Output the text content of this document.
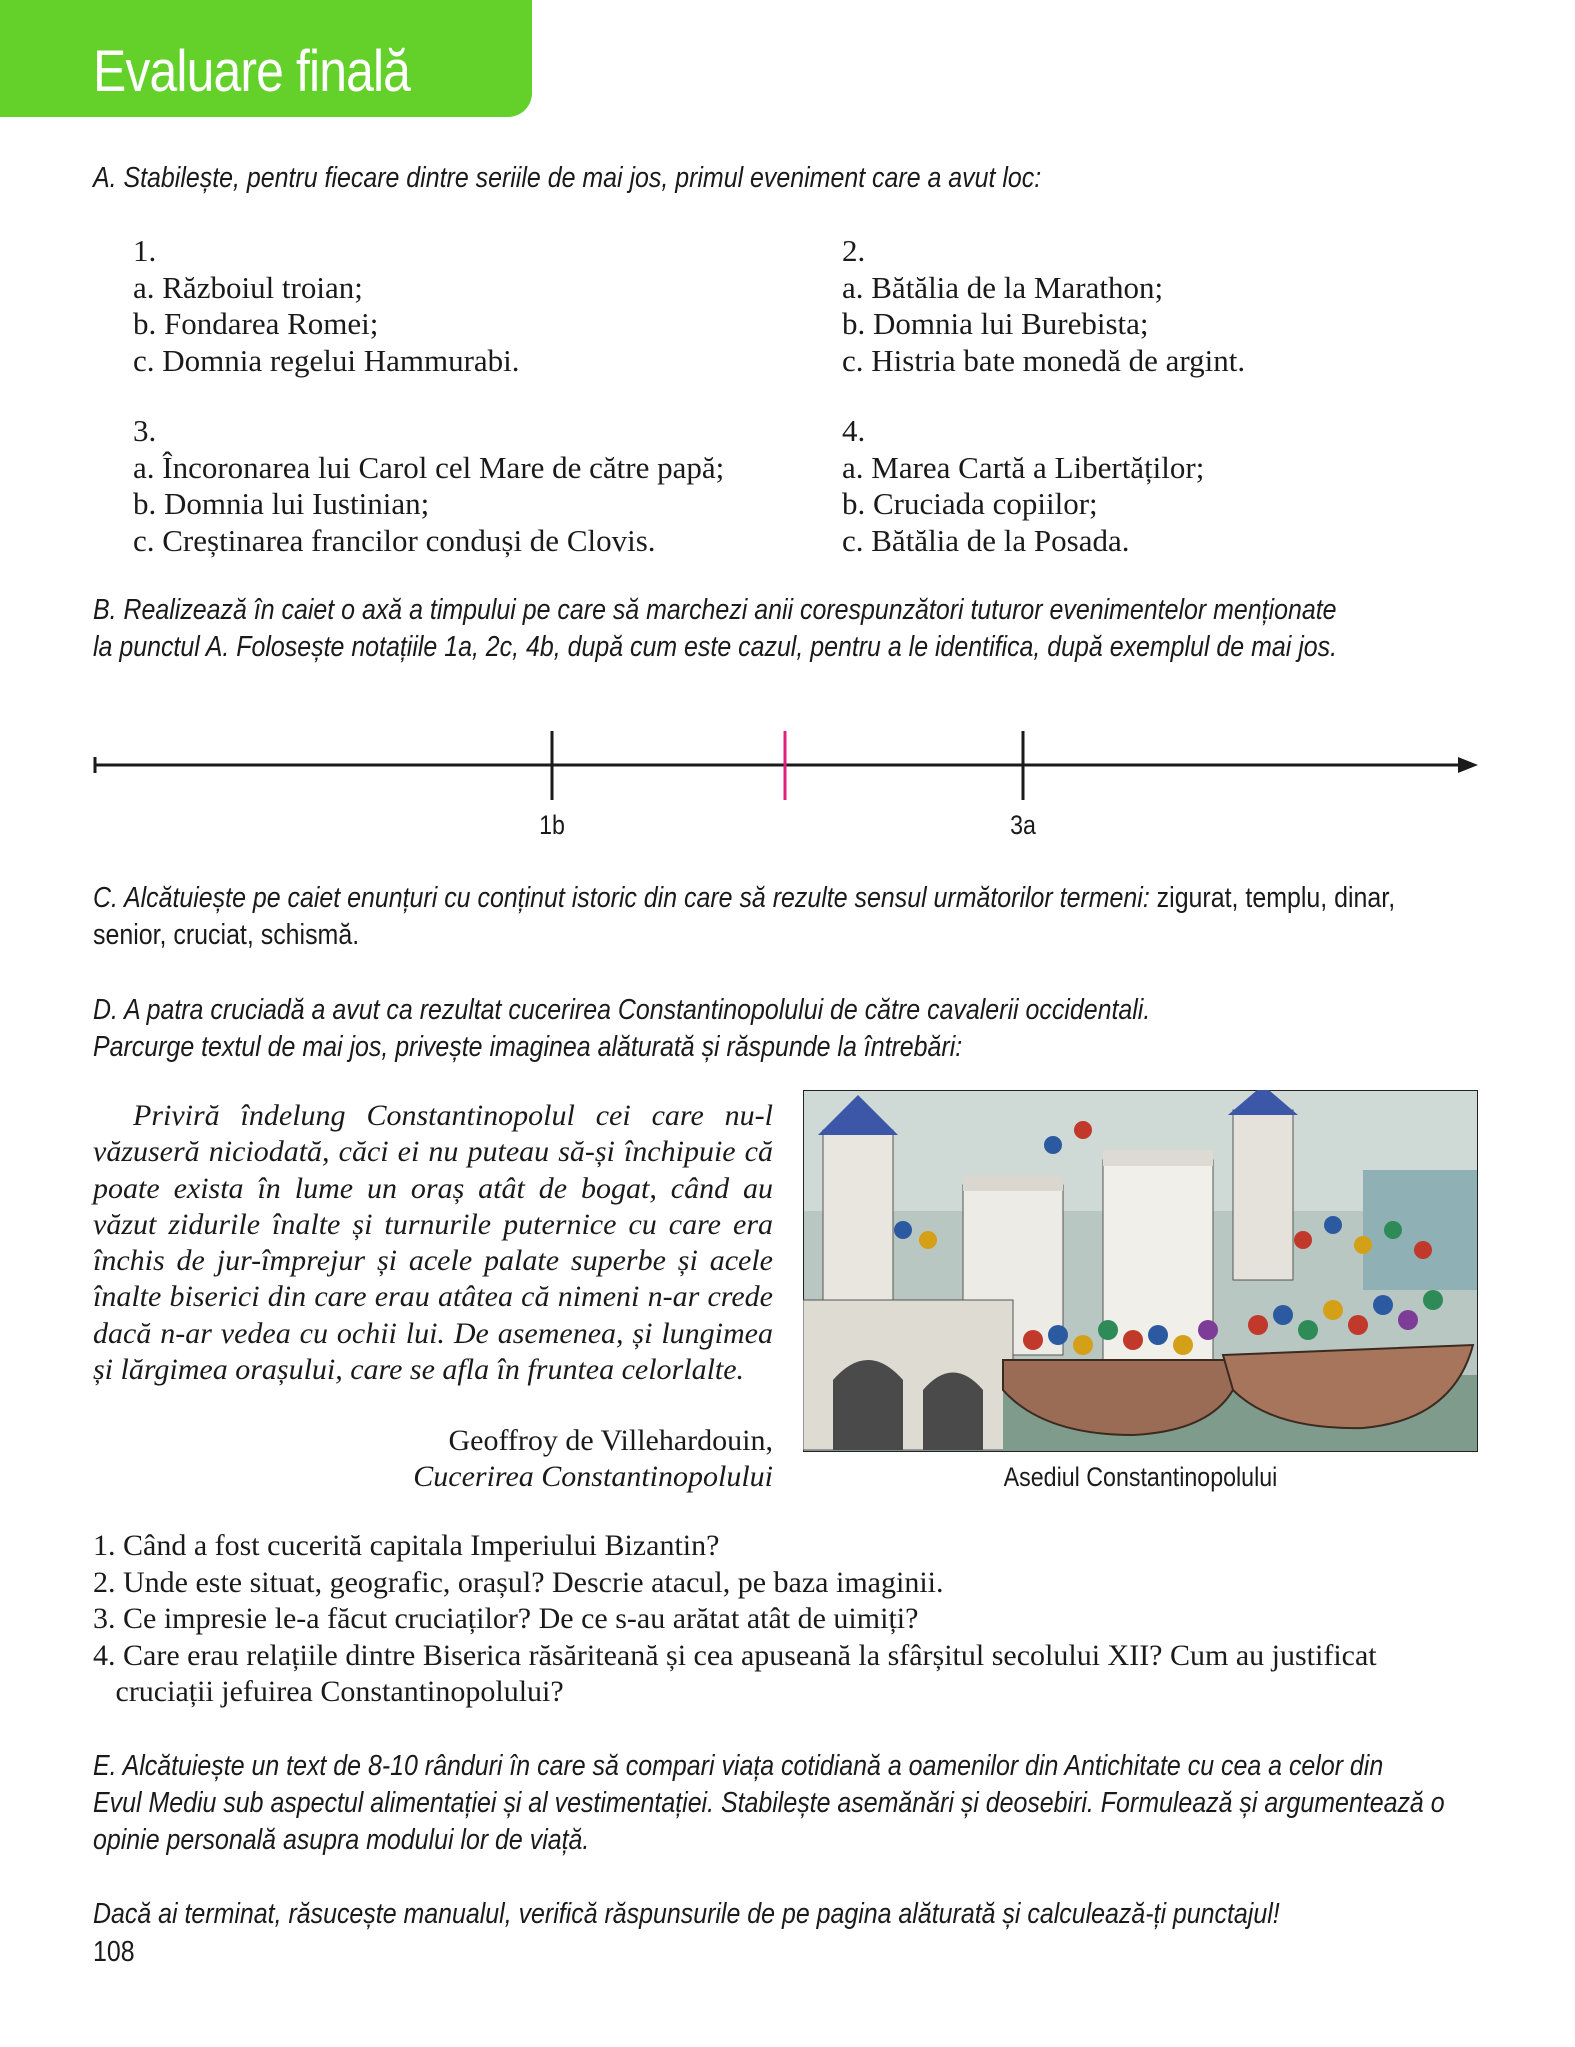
Evaluare finală
A. Stabilește, pentru fiecare dintre seriile de mai jos, primul eveniment care a avut loc:
1.
a. Războiul troian;
b. Fondarea Romei;
c. Domnia regelui Hammurabi.
2.
a. Bătălia de la Marathon;
b. Domnia lui Burebista;
c. Histria bate monedă de argint.
3.
a. Încoronarea lui Carol cel Mare de către papă;
b. Domnia lui Iustinian;
c. Creștinarea francilor conduși de Clovis.
4.
a. Marea Cartă a Libertăților;
b. Cruciada copiilor;
c. Bătălia de la Posada.
B. Realizează în caiet o axă a timpului pe care să marchezi anii corespunzători tuturor evenimentelor menționate
la punctul A. Folosește notațiile 1a, 2c, 4b, după cum este cazul, pentru a le identifica, după exemplul de mai jos.
1b	3a
C. Alcătuiește pe caiet enunțuri cu conținut istoric din care să rezulte sensul următorilor termeni: zigurat, templu, dinar,
senior, cruciat, schismă.
D. A patra cruciadă a avut ca rezultat cucerirea Constantinopolului de către cavalerii occidentali.
Parcurge textul de mai jos, privește imaginea alăturată și răspunde la întrebări:
Priviră îndelung Constantinopolul cei care nu-l văzuseră niciodată, căci ei nu puteau să-și închipuie că poate exista în lume un oraș atât de bogat, când au văzut zidurile înalte și turnurile puternice cu care era închis de jur-împrejur și acele palate superbe și acele înalte biserici din care erau atâtea că nimeni n-ar crede dacă n-ar vedea cu ochii lui. De asemenea, și lungimea și lărgimea orașului, care se afla în fruntea celorlalte.
Geoffroy de Villehardouin,
Cucerirea Constantinopolului	Asediul Constantinopolului
1. Când a fost cucerită capitala Imperiului Bizantin?
2. Unde este situat, geografic, orașul? Descrie atacul, pe baza imaginii.
3. Ce impresie le-a făcut cruciaților? De ce s-au arătat atât de uimiți?
4. Care erau relațiile dintre Biserica răsăriteană și cea apuseană la sfârșitul secolului XII? Cum au justificat
cruciații jefuirea Constantinopolului?
E. Alcătuiește un text de 8-10 rânduri în care să compari viața cotidiană a oamenilor din Antichitate cu cea a celor din
Evul Mediu sub aspectul alimentației și al vestimentației. Stabilește asemănări și deosebiri. Formulează și argumentează o
opinie personală asupra modului lor de viață.
Dacă ai terminat, răsucește manualul, verifică răspunsurile de pe pagina alăturată și calculează-ți punctajul!
108
